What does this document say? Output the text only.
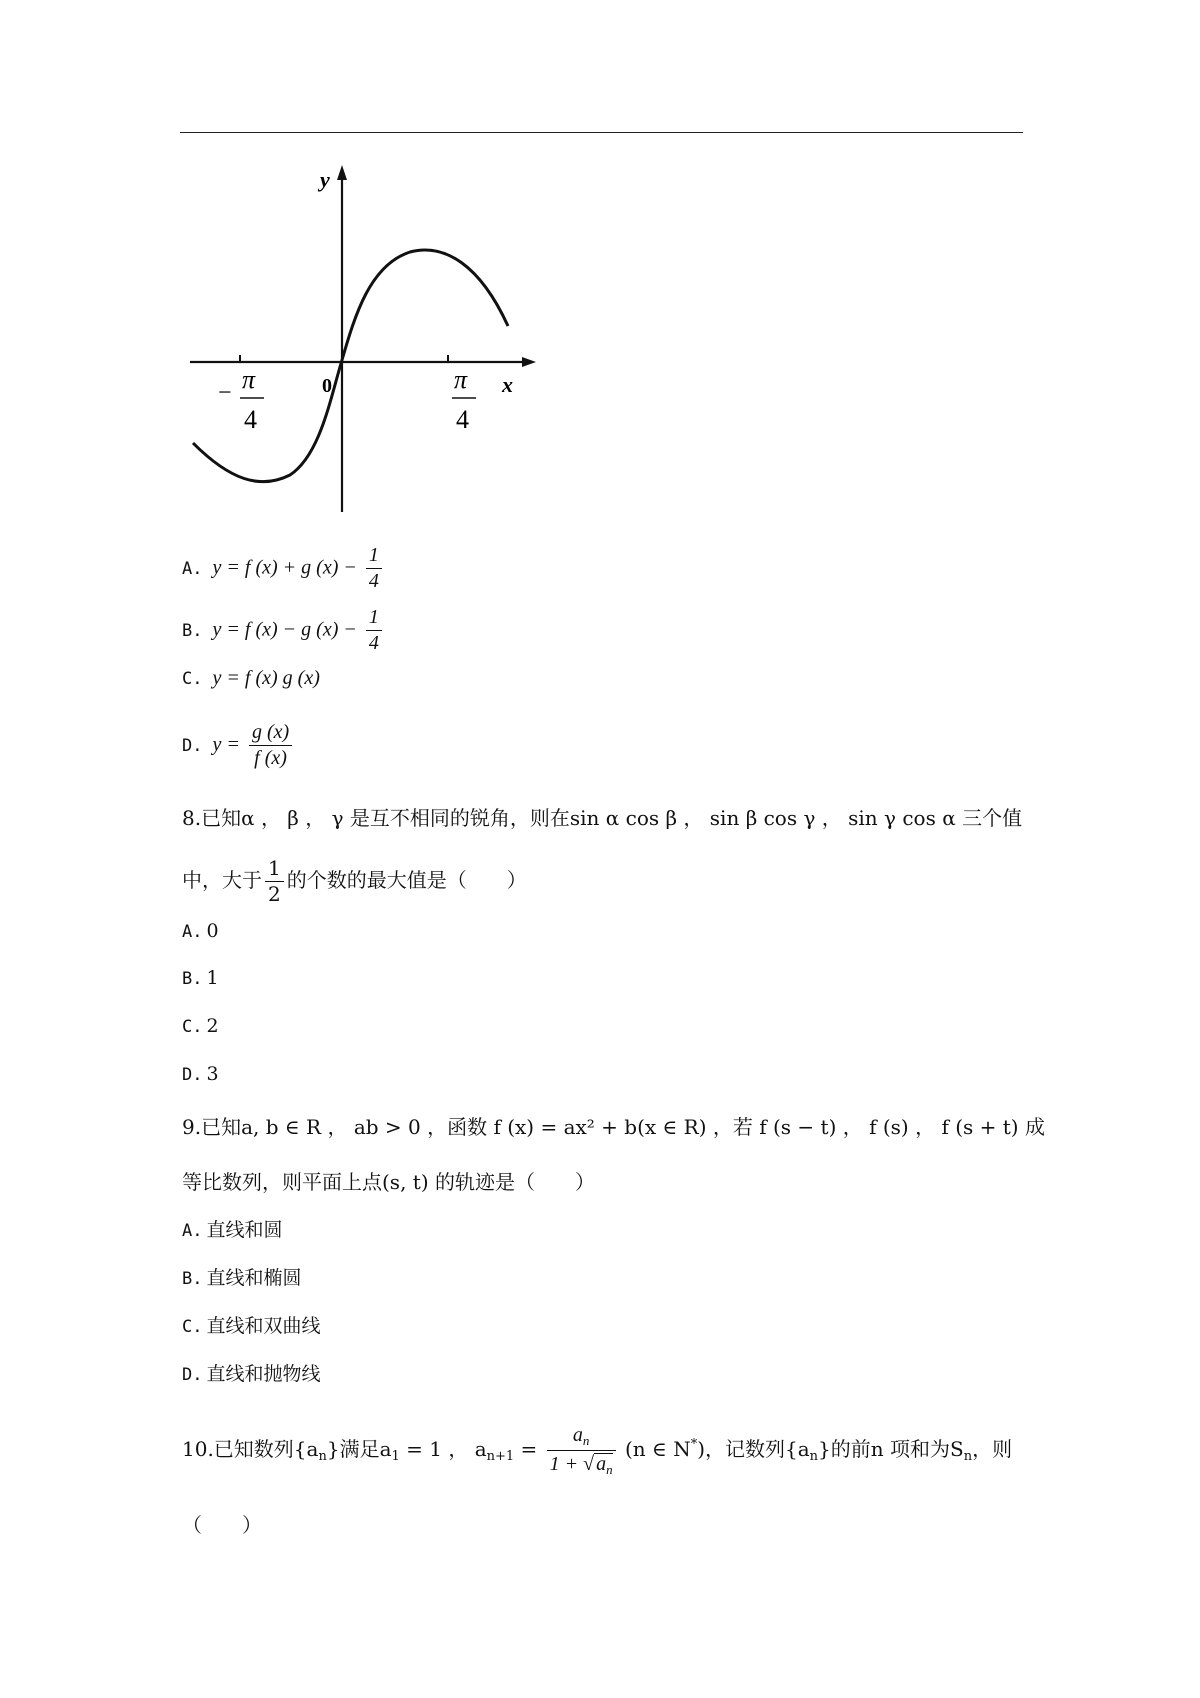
y
x
0
− π
4
π
4
A. y = f (x) + g $(x) - \frac{1}{4}$
B. y = f (x) − g $(x) - \frac{1}{4}$
C. y = f (x) g (x)
D. $y = \frac{g (x)}{f (x)}$
8.已知α ， β ， γ 是互不相同的锐角，则在sin α cos β ， sin β cos γ ， sin γ cos α 三个值
中，大于 $\frac{1}{2}$ 的个数的最大值是（　　）
A. 0
B. 1
C. 2
D. 3
9.已知a, b ∈ R ， ab > 0 ，函数 f (x) = ax² + b(x ∈ R) ，若 f (s − t) ， f (s) ， f (s + t) 成
等比数列，则平面上点(s, t) 的轨迹是（　　）
A. 直线和圆
B. 直线和椭圆
C. 直线和双曲线
D. 直线和抛物线
10.已知数列$\{a_n\}$满足$a_1 = 1$ ， $a_{n+1} = \frac{a_n}{1 + √ a_n} (n$ ∈ N*)，记数列$\{a_n\}$的前n 项和为$S_n$，则
（　　）
